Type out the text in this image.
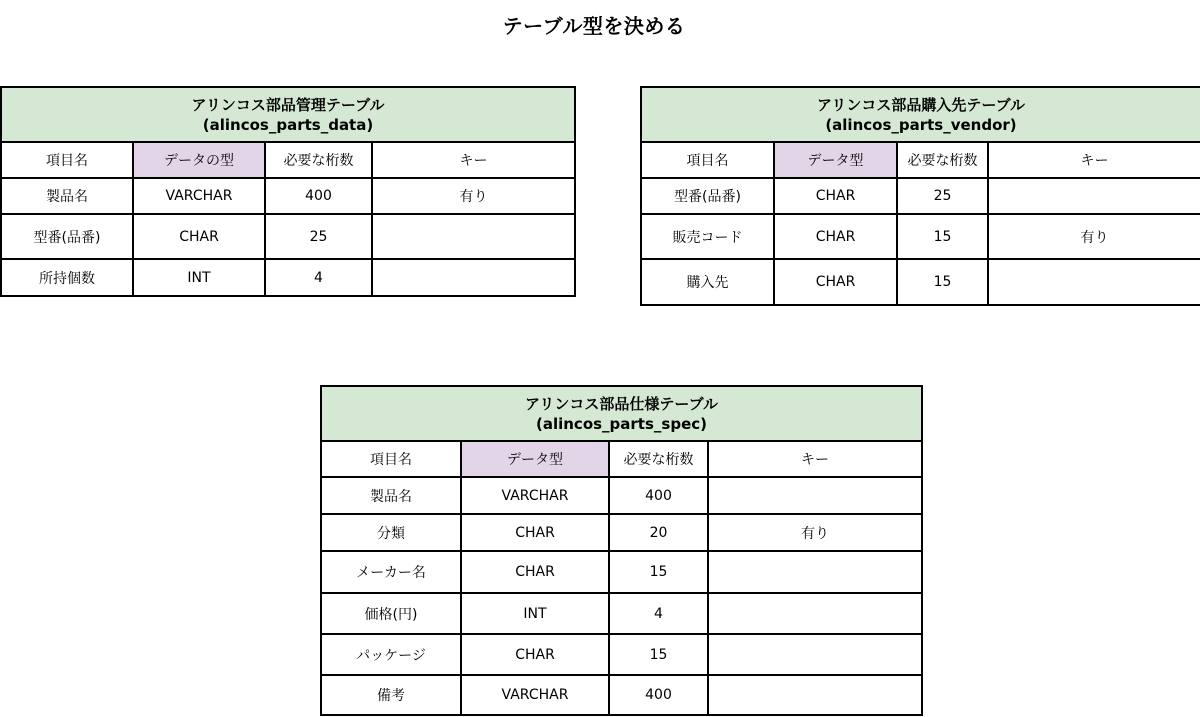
テーブル型を決める
アリンコス部品管理テーブル
(alincos_parts_data)			

項目名	データの型	必要な桁数	キー
製品名	VARCHAR	400	有り
型番(品番)	CHAR	25	
所持個数	INT	4	
アリンコス部品購入先テーブル
(alincos_parts_vendor)			

項目名	データ型	必要な桁数	キー
型番(品番)	CHAR	25	
販売コード	CHAR	15	有り
購入先	CHAR	15	
アリンコス部品仕様テーブル
(alincos_parts_spec)			

項目名	データ型	必要な桁数	キー
製品名	VARCHAR	400	
分類	CHAR	20	有り
メーカー名	CHAR	15	
価格(円)	INT	4	
パッケージ	CHAR	15	
備考	VARCHAR	400	
